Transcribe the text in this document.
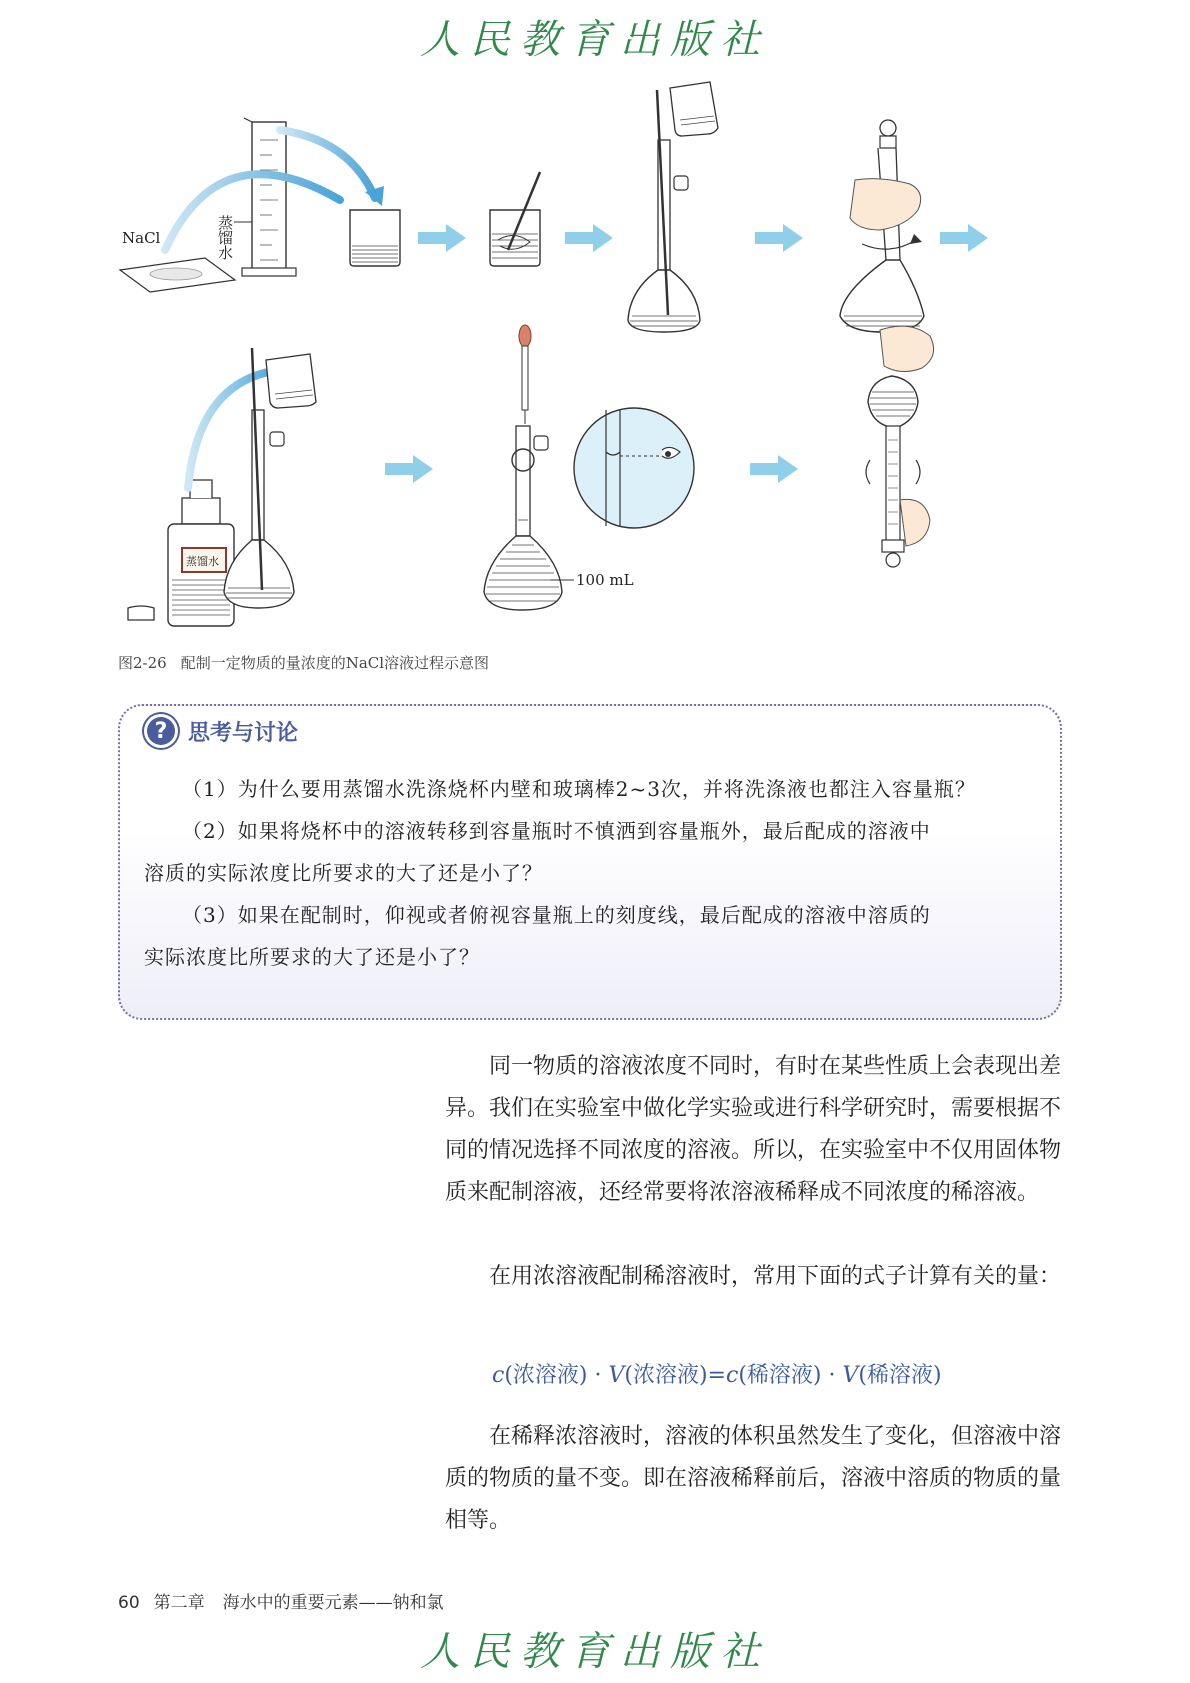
人民教育出版社
NaCl	蒸馏水
蒸馏水
100 mL
图2-26 配制一定物质的量浓度的NaCl溶液过程示意图
? 思考与讨论
（1）为什么要用蒸馏水洗涤烧杯内壁和玻璃棒2~3次，并将洗涤液也都注入容量瓶？
（2）如果将烧杯中的溶液转移到容量瓶时不慎洒到容量瓶外，最后配成的溶液中
溶质的实际浓度比所要求的大了还是小了？
（3）如果在配制时，仰视或者俯视容量瓶上的刻度线，最后配成的溶液中溶质的
实际浓度比所要求的大了还是小了？

同一物质的溶液浓度不同时，有时在某些性质上会表现出差异。我们在实验室中做化学实验或进行科学研究时，需要根据不同的情况选择不同浓度的溶液。所以，在实验室中不仅用固体物质来配制溶液，还经常要将浓溶液稀释成不同浓度的稀溶液。

在用浓溶液配制稀溶液时，常用下面的式子计算有关的量：

c(浓溶液) · V(浓溶液)=c(稀溶液) · V(稀溶液)

在稀释浓溶液时，溶液的体积虽然发生了变化，但溶液中溶质的物质的量不变。即在溶液稀释前后，溶液中溶质的物质的量相等。

60 第二章 海水中的重要元素——钠和氯
人民教育出版社
